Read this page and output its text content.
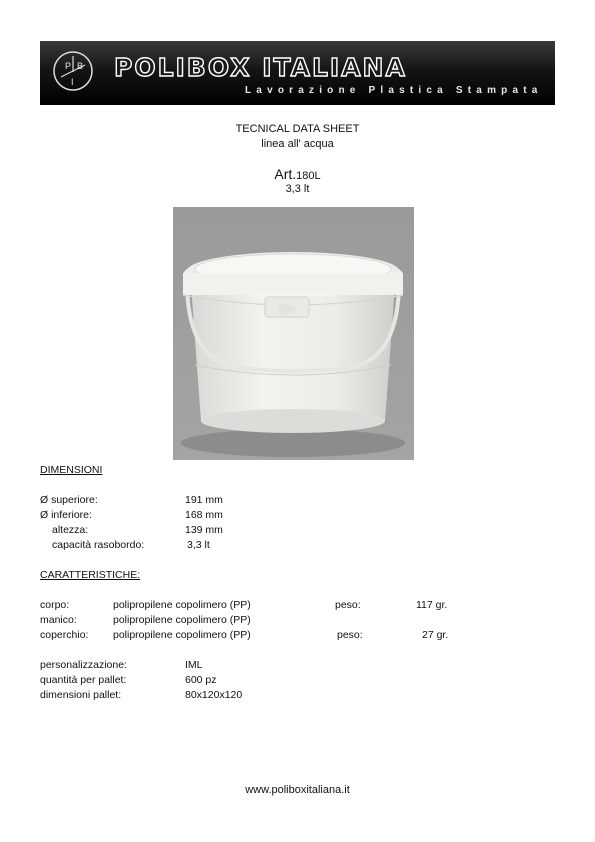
P B
I POLIBOX ITALIANA
Lavorazione Plastica Stampata
TECNICAL DATA SHEET
linea all' acqua
Art.180L
3,3 lt
DIMENSIONI
Ø superiore:	191 mm
Ø inferiore:	168 mm
altezza:	139 mm
capacità rasobordo:	3,3 lt
CARATTERISTICHE:
corpo:	polipropilene copolimero (PP)	peso:	117 gr.
manico:	polipropilene copolimero (PP)
coperchio: polipropilene copolimero (PP)	peso:	27 gr.
personalizzazione:	IML
quantità per pallet:	600 pz
dimensioni pallet:	80x120x120
www.poliboxitaliana.it
